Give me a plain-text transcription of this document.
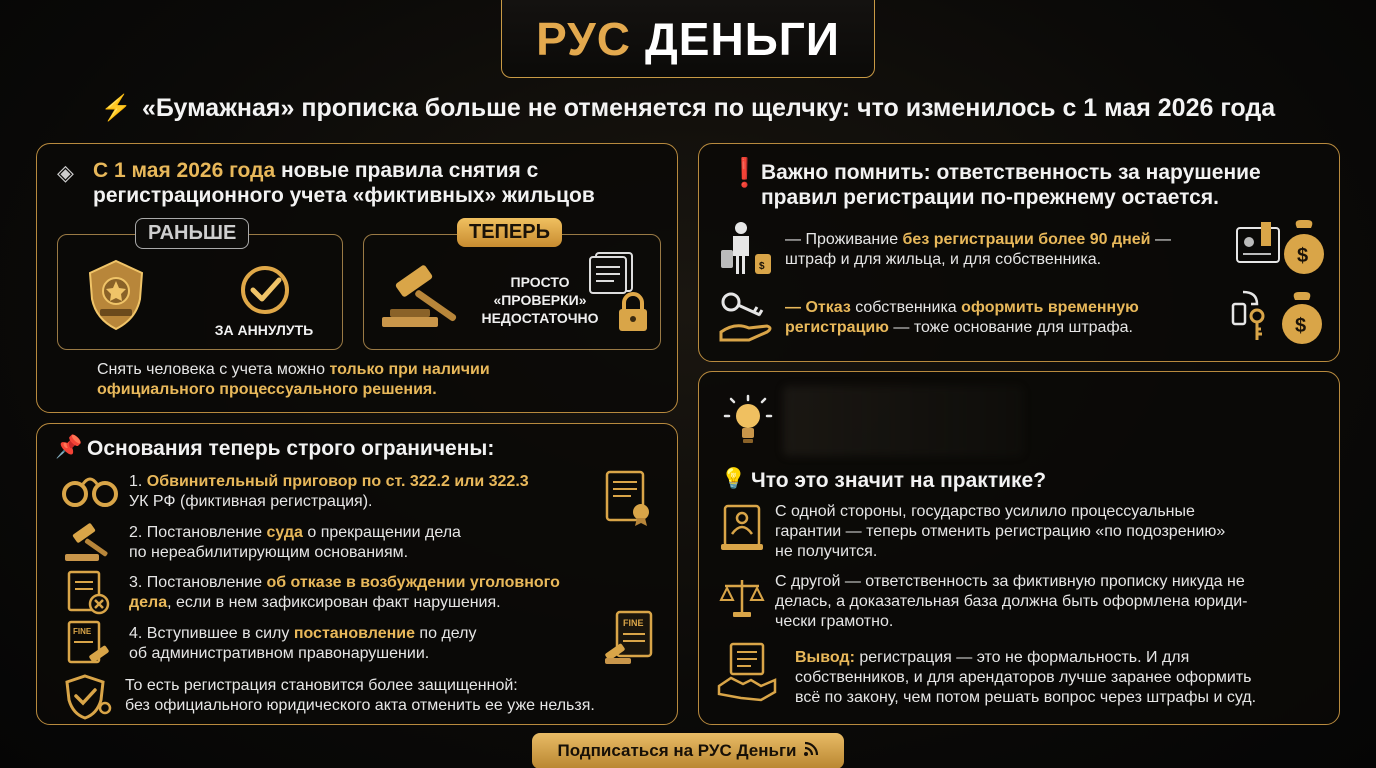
РУС ДЕНЬГИ
⚡ «Бумажная» прописка больше не отменяется по щелчку: что изменилось с 1 мая 2026 года
◈ С 1 мая 2026 года новые правила снятия с
регистрационного учета «фиктивных» жильцов
ЗА АННУЛУТЬ
РАНЬШЕ
ПРОСТО
«ПРОВЕРКИ»
НЕДОСТАТОЧНО
ТЕПЕРЬ
Снять человека с учета можно только при наличии
официального процессуального решения.
📌 Основания теперь строго ограничены:
1. Обвинительный приговор по ст. 322.2 или 322.3
УК РФ (фиктивная регистрация).
2. Постановление суда о прекращении дела
по нереабилитирующим основаниям.
3. Постановление об отказе в возбуждении уголовного
дела, если в нем зафиксирован факт нарушения.
FINE 4. Вступившее в силу постановление по делу
об административном правонарушении.
FINE
То есть регистрация становится более защищенной:
без официального юридического акта отменить ее уже нельзя.
❗ Важно помнить: ответственность за нарушение
правил регистрации по-прежнему остается.
$
— Проживание без регистрации более 90 дней —
штраф и для жильца, и для собственника.	$
— Отказ собственника оформить временную
регистрацию — тоже основание для штрафа.	$
💡 Что это значит на практике?
С одной стороны, государство усилило процессуальные
гарантии — теперь отменить регистрацию «по подозрению»
не получится.
С другой — ответственность за фиктивную прописку никуда не
делась, а доказательная база должна быть оформлена юриди-
чески грамотно.
Вывод: регистрация — это не формальность. И для
собственников, и для арендаторов лучше заранее оформить
всё по закону, чем потом решать вопрос через штрафы и суд.
Подписаться на РУС Деньги
